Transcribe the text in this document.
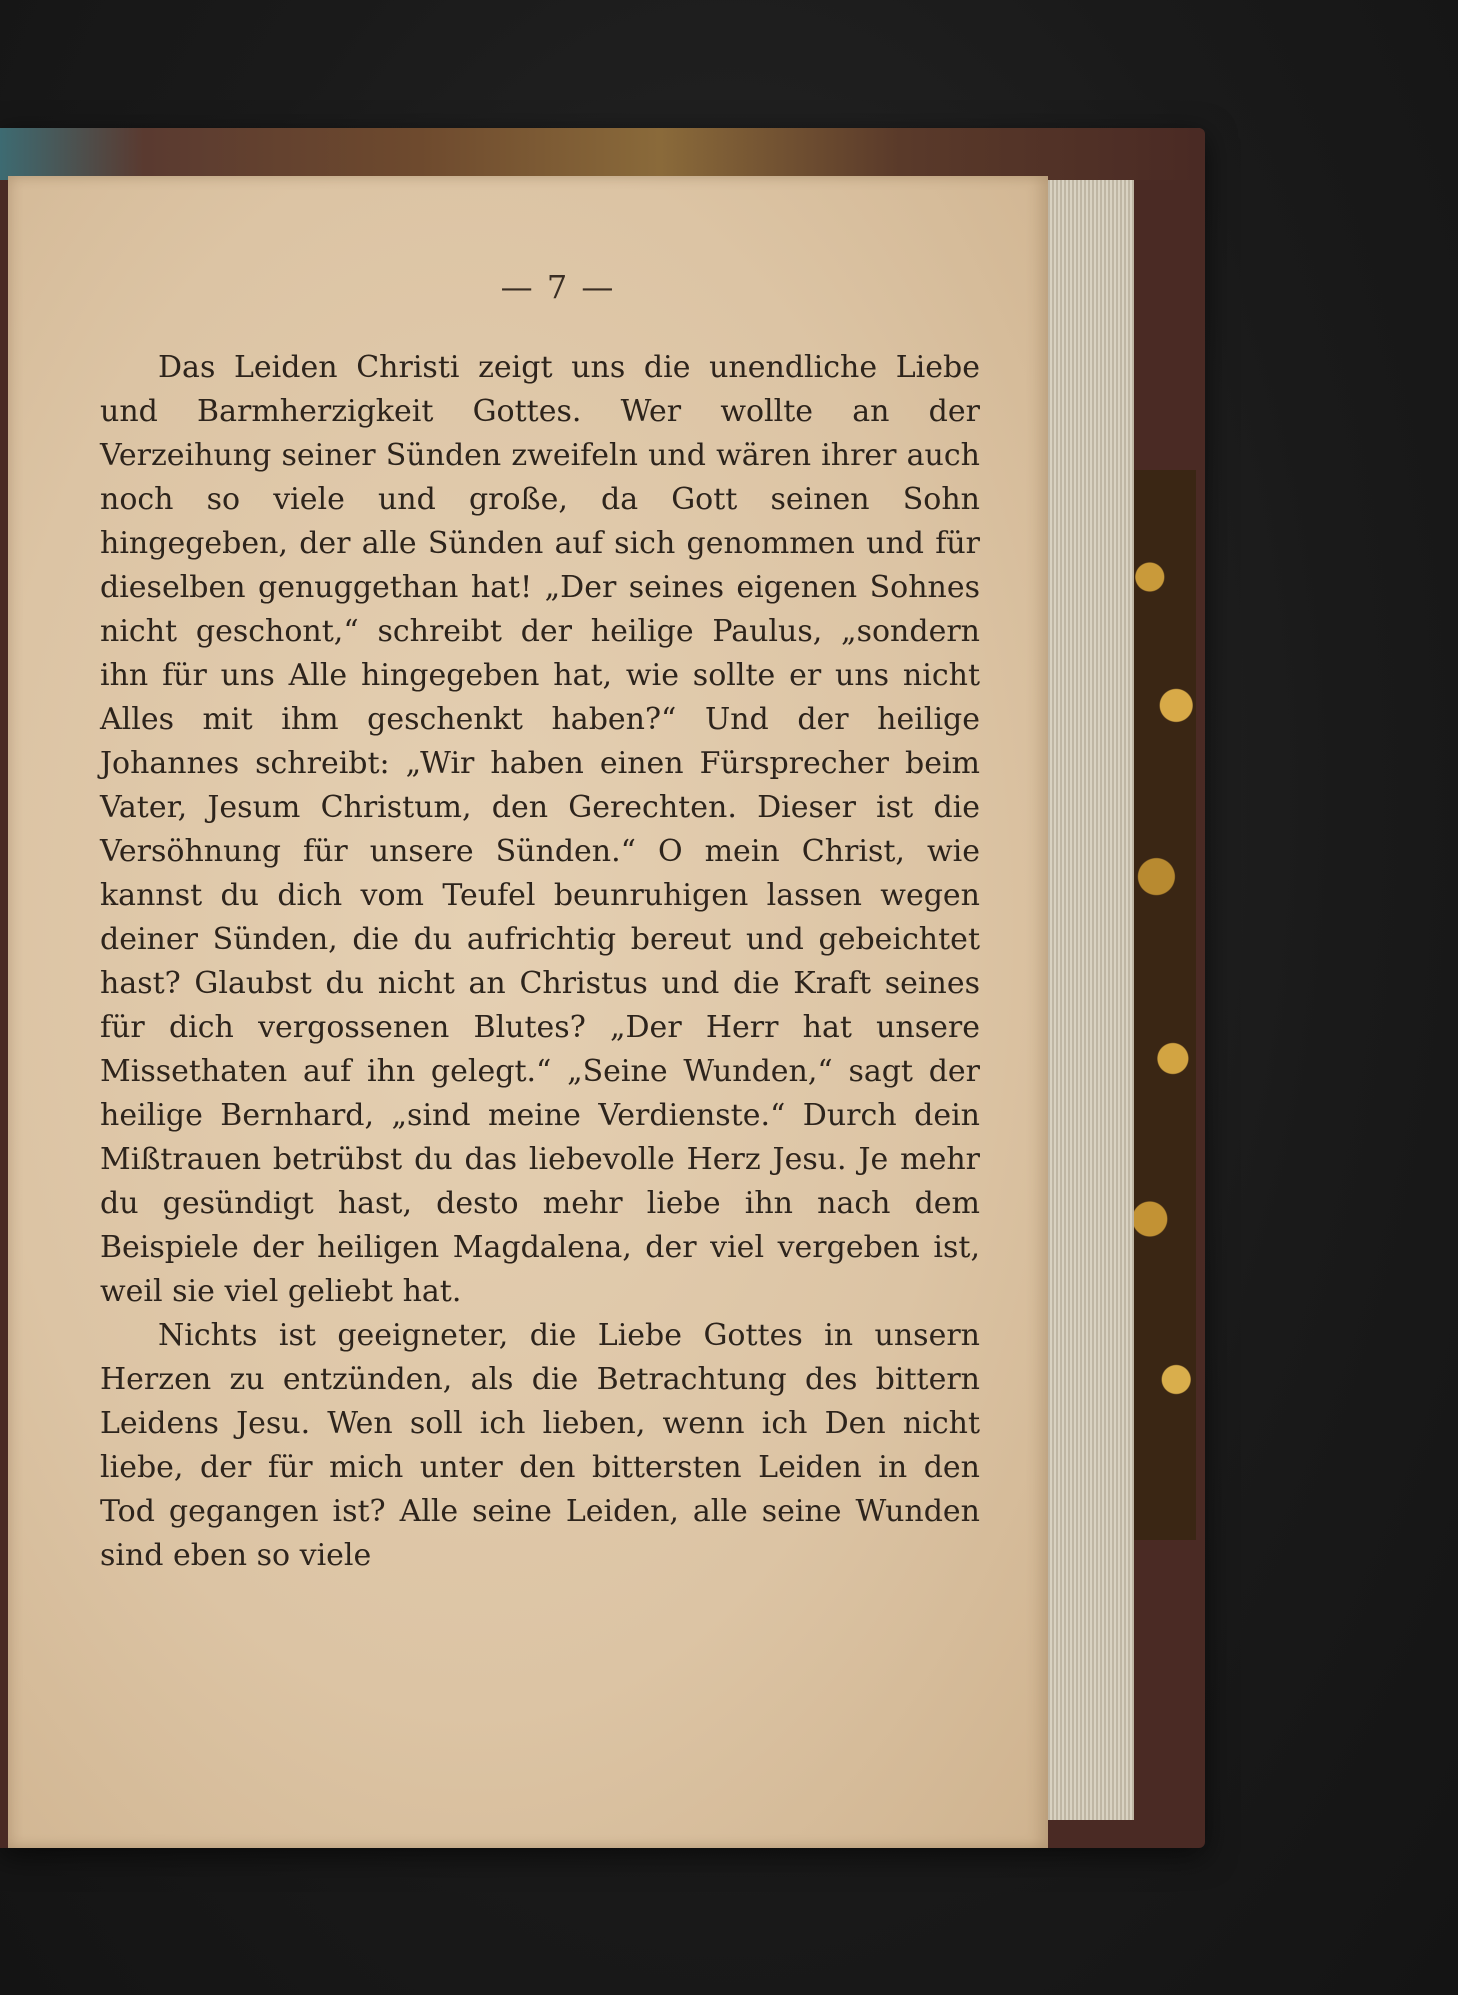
— 7 —

Das Leiden Christi zeigt uns die unendliche Liebe und Barmherzigkeit Gottes. Wer wollte an der Verzeihung seiner Sünden zweifeln und wären ihrer auch noch so viele und große, da Gott seinen Sohn hingegeben, der alle Sünden auf sich genommen und für dieselben genuggethan hat! „Der seines eigenen Sohnes nicht geschont,“ schreibt der heilige Paulus, „sondern ihn für uns Alle hingegeben hat, wie sollte er uns nicht Alles mit ihm geschenkt haben?“ Und der heilige Johannes schreibt: „Wir haben einen Fürsprecher beim Vater, Jesum Christum, den Gerechten. Dieser ist die Versöhnung für unsere Sünden.“ O mein Christ, wie kannst du dich vom Teufel beunruhigen lassen wegen deiner Sünden, die du aufrichtig bereut und gebeichtet hast? Glaubst du nicht an Christus und die Kraft seines für dich vergossenen Blutes? „Der Herr hat unsere Missethaten auf ihn gelegt.“ „Seine Wunden,“ sagt der heilige Bernhard, „sind meine Verdienste.“ Durch dein Mißtrauen betrübst du das liebevolle Herz Jesu. Je mehr du gesündigt hast, desto mehr liebe ihn nach dem Beispiele der heiligen Magdalena, der viel vergeben ist, weil sie viel geliebt hat.

Nichts ist geeigneter, die Liebe Gottes in unsern Herzen zu entzünden, als die Betrachtung des bittern Leidens Jesu. Wen soll ich lieben, wenn ich Den nicht liebe, der für mich unter den bittersten Leiden in den Tod gegangen ist? Alle seine Leiden, alle seine Wunden sind eben so viele
